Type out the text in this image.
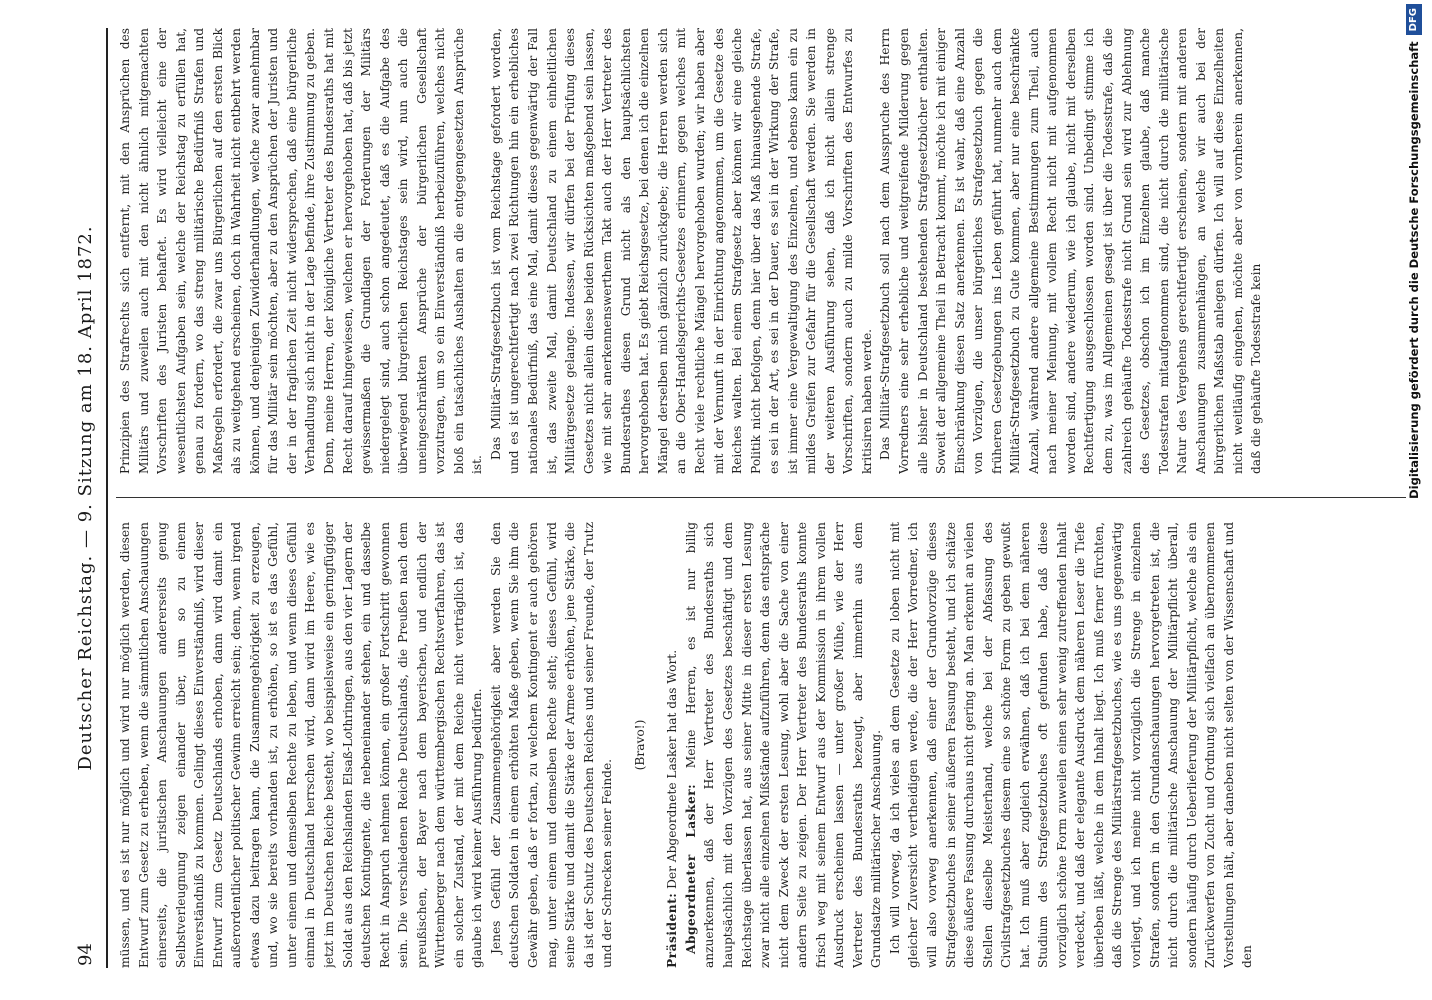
94
Deutscher Reichstag. — 9. Sitzung am 18. April 1872.	müssen, und es ist nur möglich und wird nur möglich werden, diesen Entwurf zum Gesetz zu erheben, wenn die sämmtlichen Anschauungen einerseits, die juristischen Anschauungen andererseits genug Selbstverleugnung zeigen einander über, um so zu einem Einverständniß zu kommen. Gelingt dieses Einverständniß, wird dieser Entwurf zum Gesetz Deutschlands erhoben, dann wird damit ein außerordentlicher politischer Gewinn erreicht sein; denn, wenn irgend etwas dazu beitragen kann, die Zusammengehörigkeit zu erzeugen, und, wo sie bereits vorhanden ist, zu erhöhen, so ist es das Gefühl, unter einem und demselben Rechte zu leben, und wenn dieses Gefühl einmal in Deutschland herrschen wird, dann wird im Heere, wie es jetzt im Deutschen Reiche besteht, wo beispielsweise ein geringfügiger Soldat aus den Reichslanden Elsaß-Lothringen, aus den vier Lagern der deutschen Kontingente, die nebeneinander stehen, ein und dasselbe Recht in Anspruch nehmen können, ein großer Fortschritt gewonnen sein. Die verschiedenen Reiche Deutschlands, die Preußen nach dem preußischen, der Bayer nach dem bayerischen, und endlich der Württemberger nach dem württembergischen Rechtsverfahren, das ist ein solcher Zustand, der mit dem Reiche nicht verträglich ist, das glaube ich wird keiner Ausführung bedürfen. Jenes Gefühl der Zusammengehörigkeit aber werden Sie den deutschen Soldaten in einem erhöhten Maße geben, wenn Sie ihm die Gewähr geben, daß er fortan, zu welchem Kontingent er auch gehören mag, unter einem und demselben Rechte steht; dieses Gefühl, wird seine Stärke und damit die Stärke der Armee erhöhen, jene Stärke, die da ist der Schutz des Deutschen Reiches und seiner Freunde, der Trutz und der Schrecken seiner Feinde.

(Bravo!)

Präsident: Der Abgeordnete Lasker hat das Wort. Abgeordneter Lasker: Meine Herren, es ist nur billig anzuerkennen, daß der Herr Vertreter des Bundesraths sich hauptsächlich mit den Vorzügen des Gesetzes beschäftigt und dem Reichstage überlassen hat, aus seiner Mitte in dieser ersten Lesung zwar nicht alle einzelnen Mißstände aufzuführen, denn das entspräche nicht dem Zweck der ersten Lesung, wohl aber die Sache von einer andern Seite zu zeigen. Der Herr Vertreter des Bundesraths konnte frisch weg mit seinem Entwurf aus der Kommission in ihrem vollen Ausdruck erscheinen lassen — unter großer Mühe, wie der Herr Vertreter des Bundesraths bezeugt, aber immerhin aus dem Grundsatze militärischer Anschauung. Ich will vorweg, da ich vieles an dem Gesetze zu loben nicht mit gleicher Zuversicht vertheidigen werde, die der Herr Vorredner, ich will also vorweg anerkennen, daß einer der Grundvorzüge dieses Strafgesetzbuches in seiner äußeren Fassung besteht, und ich schätze diese äußere Fassung durchaus nicht gering an. Man erkennt an vielen Stellen dieselbe Meisterhand, welche bei der Abfassung des Civilstrafgesetzbuches diesem eine so schöne Form zu geben gewußt hat. Ich muß aber zugleich erwähnen, daß ich bei dem näheren Studium des Strafgesetzbuches oft gefunden habe, daß diese vorzüglich schöne Form zuweilen einen sehr wenig zutreffenden Inhalt verdeckt, und daß der elegante Ausdruck dem näheren Leser die Tiefe überleben läßt, welche in dem Inhalt liegt. Ich muß ferner fürchten, daß die Strenge des Militärstrafgesetzbuches, wie es uns gegenwärtig vorliegt, und ich meine nicht vorzüglich die Strenge in einzelnen Strafen, sondern in den Grundanschauungen hervorgetreten ist, die nicht durch die militärische Anschauung der Militärpflicht überall, sondern häufig durch Ueberlieferung der Militärpflicht, welche als ein Zurückwerfen von Zucht und Ordnung sich vielfach an übernommenen Vorstellungen hält, aber daneben nicht selten von der Wissenschaft und den

Prinzipien des Strafrechts sich entfernt, mit den Ansprüchen des Militärs und zuweilen auch mit den nicht ähnlich mitgemachten Vorschriften des Juristen behaftet. Es wird vielleicht eine der wesentlichsten Aufgaben sein, welche der Reichstag zu erfüllen hat, genau zu fordern, wo das streng militärische Bedürfniß Strafen und Maßregeln erfordert, die zwar uns Bürgerlichen auf den ersten Blick als zu weitgehend erscheinen, doch in Wahrheit nicht entbehrt werden können, und denjenigen Zuwiderhandlungen, welche zwar annehmbar für das Militär sein möchten, aber zu den Ansprüchen der Juristen und der in der fraglichen Zeit nicht widersprechen, daß eine bürgerliche Verhandlung sich nicht in der Lage befinde, ihre Zustimmung zu geben. Denn, meine Herren, der königliche Vertreter des Bundesraths hat mit Recht darauf hingewiesen, welchen er hervorgehoben hat, daß bis jetzt gewissermaßen die Grundlagen der Forderungen der Militärs niedergelegt sind, auch schon angedeutet, daß es die Aufgabe des überwiegend bürgerlichen Reichstages sein wird, nun auch die uneingeschränkten Ansprüche der bürgerlichen Gesellschaft vorzutragen, um so ein Einverständniß herbeizuführen, welches nicht bloß ein tatsächliches Aushalten an die entgegengesetzten Ansprüche ist.

Das Militär-Strafgesetzbuch ist vom Reichstage gefordert worden, und es ist ungerechtfertigt nach zwei Richtungen hin ein erhebliches nationales Bedürfniß, das eine Mal, damit dieses gegenwärtig der Fall ist, das zweite Mal, damit Deutschland zu einem einheitlichen Militärgesetze gelange. Indessen, wir dürfen bei der Prüfung dieses Gesetzes nicht allein diese beiden Rücksichten maßgebend sein lassen, wie mit sehr anerkennenswerthem Takt auch der Herr Vertreter des Bundesrathes diesen Grund nicht als den hauptsächlichsten hervorgehoben hat. Es giebt Reichsgesetze, bei denen ich die einzelnen Mängel derselben mich gänzlich zurückgebe; die Herren werden sich an die Ober-Handelsgerichts-Gesetzes erinnern, gegen welches mit Recht viele rechtliche Mängel hervorgehoben wurden; wir haben aber mit der Vernunft in der Einrichtung angenommen, um die Gesetze des Reiches walten. Bei einem Strafgesetz aber können wir eine gleiche Politik nicht befolgen, denn hier über das Maß hinausgehende Strafe, es sei in der Art, es sei in der Dauer, es sei in der Wirkung der Strafe, ist immer eine Vergewaltigung des Einzelnen, und ebenso kann ein zu mildes Greifen zur Gefahr für die Gesellschaft werden. Sie werden in der weiteren Ausführung sehen, daß ich nicht allein strenge Vorschriften, sondern auch zu milde Vorschriften des Entwurfes zu kritisiren haben werde. Das Militär-Strafgesetzbuch soll nach dem Ausspruche des Herrn Vorredners eine sehr erhebliche und weitgreifende Milderung gegen alle bisher in Deutschland bestehenden Strafgesetzbücher enthalten. Soweit der allgemeine Theil in Betracht kommt, möchte ich mit einiger Einschränkung diesen Satz anerkennen. Es ist wahr, daß eine Anzahl von Vorzügen, die unser bürgerliches Strafgesetzbuch gegen die früheren Gesetzgebungen ins Leben geführt hat, nunmehr auch dem Militär-Strafgesetzbuch zu Gute kommen, aber nur eine beschränkte Anzahl, während andere allgemeine Bestimmungen zum Theil, auch nach meiner Meinung, mit vollem Recht nicht mit aufgenommen worden sind, andere wiederum, wie ich glaube, nicht mit derselben Rechtfertigung ausgeschlossen worden sind. Unbedingt stimme ich dem zu, was im Allgemeinen gesagt ist über die Todesstrafe, daß die zahlreich gehäufte Todesstrafe nicht Grund sein wird zur Ablehnung des Gesetzes, obschon ich im Einzelnen glaube, daß manche Todesstrafen mitaufgenommen sind, die nicht durch die militärische Natur des Vergehens gerechtfertigt erscheinen, sondern mit anderen Anschauungen zusammenhängen, an welche wir auch bei der bürgerlichen Maßstab anlegen dürfen. Ich will auf diese Einzelheiten nicht weitläufig eingehen, möchte aber von vornherein anerkennen, daß die gehäufte Todesstrafe kein	Digitalisierung gefördert durch die Deutsche Forschungsgemeinschaft
DFG
